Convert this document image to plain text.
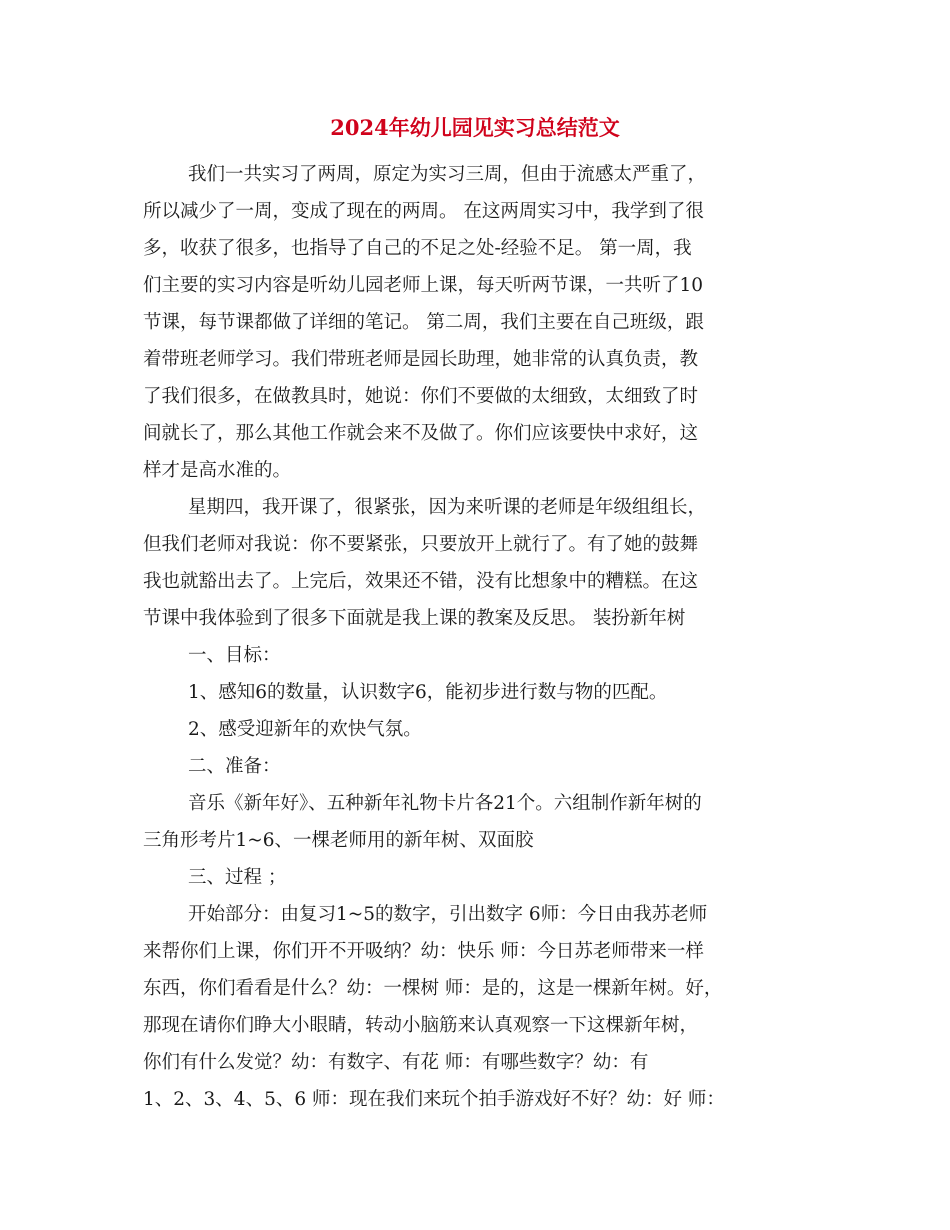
2024年幼儿园见实习总结范文
我们一共实习了两周，原定为实习三周，但由于流感太严重了，
所以减少了一周，变成了现在的两周。 在这两周实习中，我学到了很
多，收获了很多，也指导了自己的不足之处-经验不足。 第一周，我
们主要的实习内容是听幼儿园老师上课，每天听两节课，一共听了10
节课，每节课都做了详细的笔记。 第二周，我们主要在自己班级，跟
着带班老师学习。我们带班老师是园长助理，她非常的认真负责，教
了我们很多，在做教具时，她说：你们不要做的太细致，太细致了时
间就长了，那么其他工作就会来不及做了。你们应该要快中求好，这
样才是高水准的。
星期四，我开课了，很紧张，因为来听课的老师是年级组组长，
但我们老师对我说：你不要紧张，只要放开上就行了。有了她的鼓舞
我也就豁出去了。上完后，效果还不错，没有比想象中的糟糕。在这
节课中我体验到了很多下面就是我上课的教案及反思。 装扮新年树
一、目标：
1、感知6的数量，认识数字6，能初步进行数与物的匹配。
2、感受迎新年的欢快气氛。
二、准备：
音乐《新年好》、五种新年礼物卡片各21个。六组制作新年树的
三角形考片1~6、一棵老师用的新年树、双面胶
三、过程 ；
开始部分：由复习1~5的数字，引出数字 6师：今日由我苏老师
来帮你们上课，你们开不开吸纳？幼：快乐 师：今日苏老师带来一样
东西，你们看看是什么？幼：一棵树 师：是的，这是一棵新年树。好，
那现在请你们睁大小眼睛，转动小脑筋来认真观察一下这棵新年树，
你们有什么发觉？幼：有数字、有花 师：有哪些数字？幼：有
1、2、3、4、5、6 师：现在我们来玩个拍手游戏好不好？幼：好 师：
